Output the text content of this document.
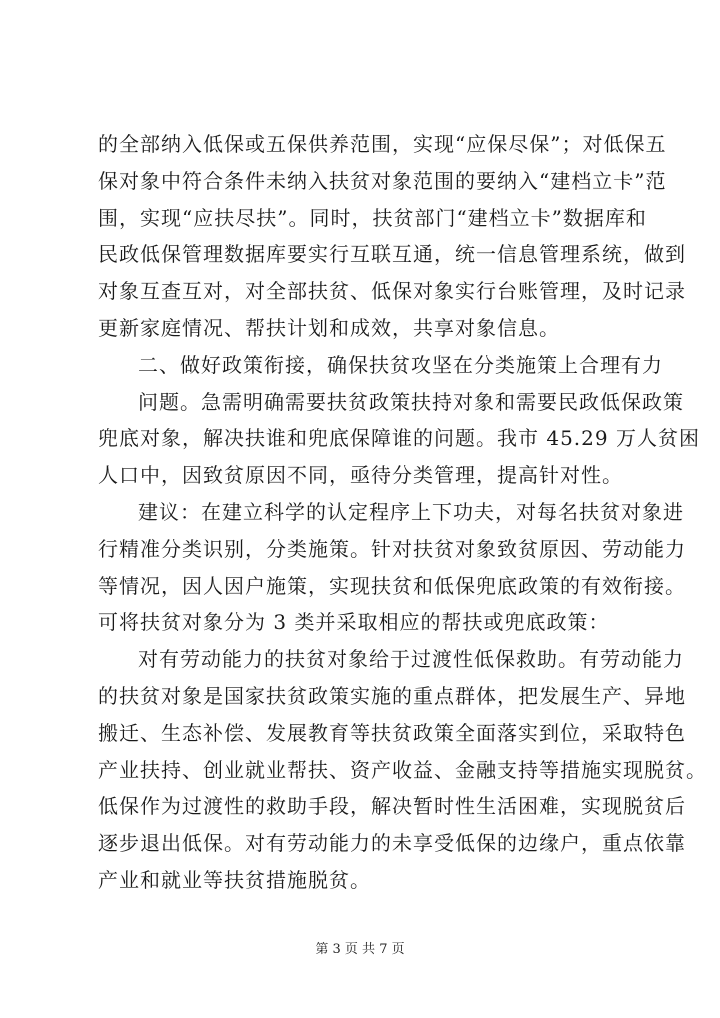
的全部纳入低保或五保供养范围，实现“应保尽保”；对低保五
保对象中符合条件未纳入扶贫对象范围的要纳入“建档立卡”范
围，实现“应扶尽扶”。同时，扶贫部门“建档立卡”数据库和
民政低保管理数据库要实行互联互通，统一信息管理系统，做到
对象互查互对，对全部扶贫、低保对象实行台账管理，及时记录
更新家庭情况、帮扶计划和成效，共享对象信息。
二、做好政策衔接，确保扶贫攻坚在分类施策上合理有力
问题。急需明确需要扶贫政策扶持对象和需要民政低保政策
兜底对象，解决扶谁和兜底保障谁的问题。我市 45.29 万人贫困
人口中，因致贫原因不同，亟待分类管理，提高针对性。
建议：在建立科学的认定程序上下功夫，对每名扶贫对象进
行精准分类识别，分类施策。针对扶贫对象致贫原因、劳动能力
等情况，因人因户施策，实现扶贫和低保兜底政策的有效衔接。
可将扶贫对象分为 3 类并采取相应的帮扶或兜底政策：
对有劳动能力的扶贫对象给于过渡性低保救助。有劳动能力
的扶贫对象是国家扶贫政策实施的重点群体，把发展生产、异地
搬迁、生态补偿、发展教育等扶贫政策全面落实到位，采取特色
产业扶持、创业就业帮扶、资产收益、金融支持等措施实现脱贫。
低保作为过渡性的救助手段，解决暂时性生活困难，实现脱贫后
逐步退出低保。对有劳动能力的未享受低保的边缘户，重点依靠
产业和就业等扶贫措施脱贫。
第 3 页 共 7 页
